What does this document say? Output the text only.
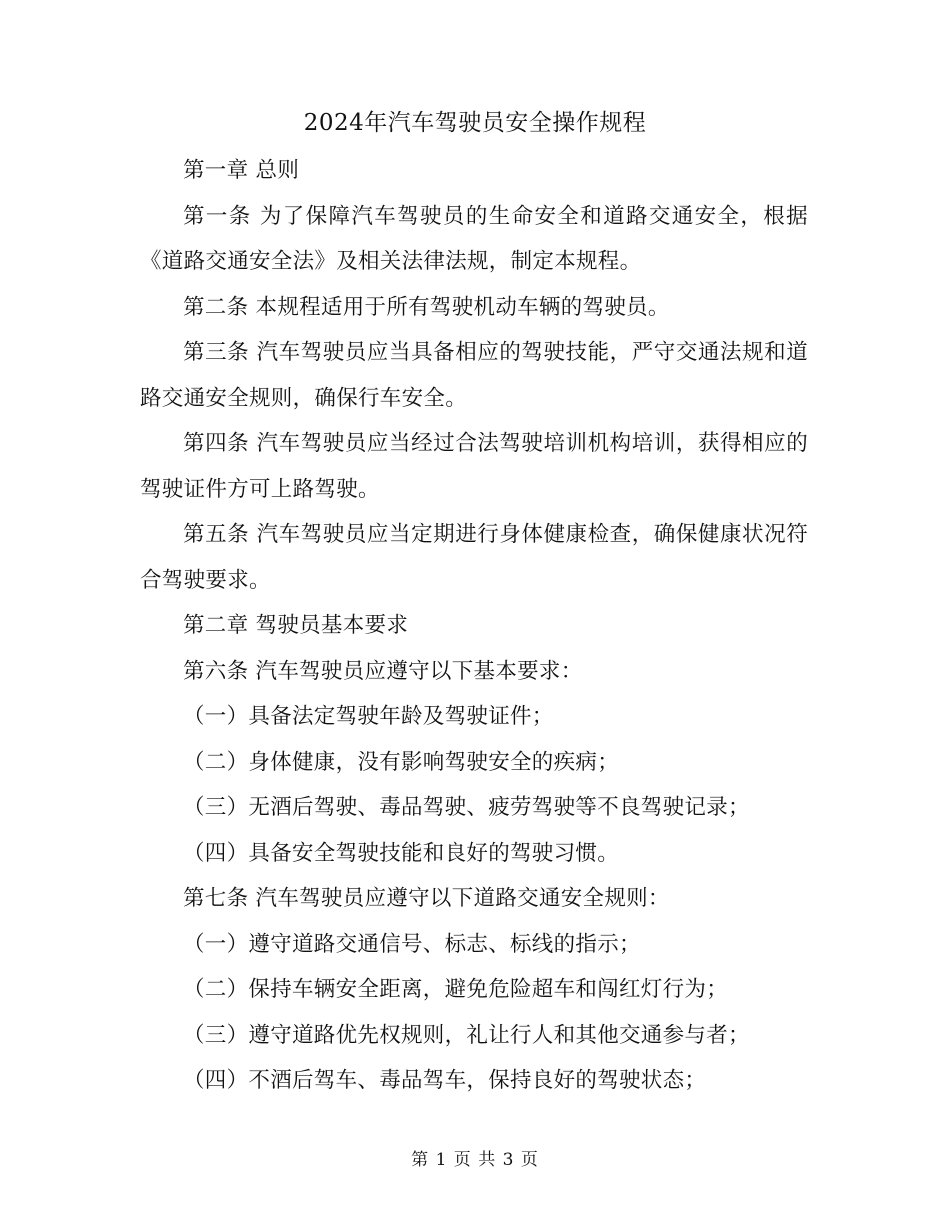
2024年汽车驾驶员安全操作规程

第一章 总则

第一条 为了保障汽车驾驶员的生命安全和道路交通安全，根据《道路交通安全法》及相关法律法规，制定本规程。

第二条 本规程适用于所有驾驶机动车辆的驾驶员。

第三条 汽车驾驶员应当具备相应的驾驶技能，严守交通法规和道路交通安全规则，确保行车安全。

第四条 汽车驾驶员应当经过合法驾驶培训机构培训，获得相应的驾驶证件方可上路驾驶。

第五条 汽车驾驶员应当定期进行身体健康检查，确保健康状况符合驾驶要求。

第二章 驾驶员基本要求

第六条 汽车驾驶员应遵守以下基本要求：

（一）具备法定驾驶年龄及驾驶证件；

（二）身体健康，没有影响驾驶安全的疾病；

（三）无酒后驾驶、毒品驾驶、疲劳驾驶等不良驾驶记录；

（四）具备安全驾驶技能和良好的驾驶习惯。

第七条 汽车驾驶员应遵守以下道路交通安全规则：

（一）遵守道路交通信号、标志、标线的指示；

（二）保持车辆安全距离，避免危险超车和闯红灯行为；

（三）遵守道路优先权规则，礼让行人和其他交通参与者；

（四）不酒后驾车、毒品驾车，保持良好的驾驶状态；

第 1 页 共 3 页
